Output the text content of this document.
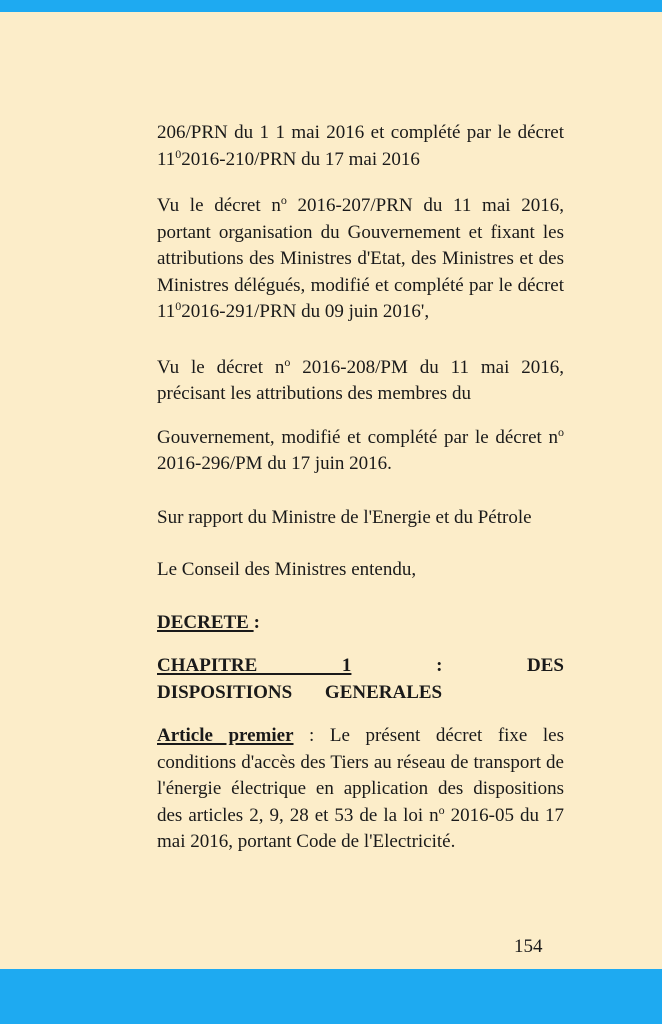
206/PRN du 1 1 mai 2016 et complété par le décret $11^02016-210$/PRN du 17 mai 2016

Vu le décret $n^o$ 2016-207/PRN du 11 mai 2016, portant organisation du Gouvernement et fixant les attributions des Ministres d'Etat, des Ministres et des Ministres délégués, modifié et complété par le décret $11^02016-291$/PRN du 09 juin 2016',

Vu le décret $n^o$ 2016-208/PM du 11 mai 2016, précisant les attributions des membres du

Gouvernement, modifié et complété par le décret $n^o$ 2016-296/PM du 17 juin 2016.

Sur rapport du Ministre de l'Energie et du Pétrole

Le Conseil des Ministres entendu,

DECRETE :

CHAPITRE 1 : DES DISPOSITIONS GENERALES

Article premier : Le présent décret fixe les conditions d'accès des Tiers au réseau de transport de l'énergie électrique en application des dispositions des articles 2, 9, 28 et 53 de la loi $n^o$ 2016-05 du 17 mai 2016, portant Code de l'Electricité.

154
